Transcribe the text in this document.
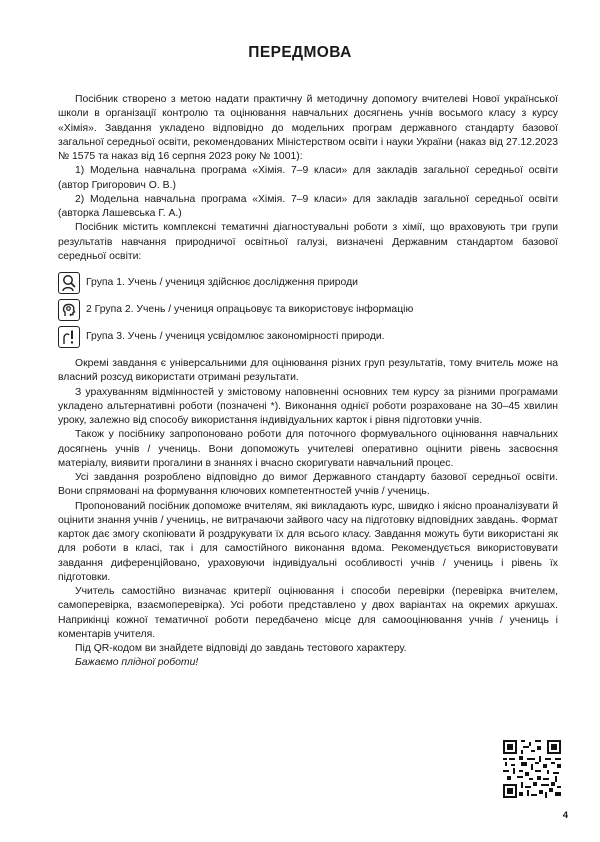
ПЕРЕДМОВА

Посібник створено з метою надати практичну й методичну допомогу вчителеві Нової української школи в організації контролю та оцінювання навчальних досягнень учнів восьмого класу з курсу «Хімія». Завдання укладено відповідно до модельних програм державного стандарту базової загальної середньої освіти, рекомендованих Міністерством освіти і науки України (наказ від 27.12.2023 № 1575 та наказ від 16 серпня 2023 року № 1001):

1) Модельна навчальна програма «Хімія. 7–9 класи» для закладів загальної середньої освіти (автор Григорович О. В.)

2) Модельна навчальна програма «Хімія. 7–9 класи» для закладів загальної середньої освіти (авторка Лашевська Г. А.)

Посібник містить комплексні тематичні діагностувальні роботи з хімії, що враховують три групи результатів навчання природничої освітньої галузі, визначені Державним стандартом базової середньої освіти:

Група 1. Учень / учениця здійснює дослідження природи
2 Група 2. Учень / учениця опрацьовує та використовує інформацію
Група 3. Учень / учениця усвідомлює закономірності природи.

Окремі завдання є універсальними для оцінювання різних груп результатів, тому вчитель може на власний розсуд використати отримані результати.

З урахуванням відмінностей у змістовому наповненні основних тем курсу за різними програмами укладено альтернативні роботи (позначені *). Виконання однієї роботи розраховане на 30–45 хвилин уроку, залежно від способу використання індивідуальних карток і рівня підготовки учнів.

Також у посібнику запропоновано роботи для поточного формувального оцінювання навчальних досягнень учнів / учениць. Вони допоможуть учителеві оперативно оцінити рівень засвоєння матеріалу, виявити прогалини в знаннях і вчасно скоригувати навчальний процес.

Усі завдання розроблено відповідно до вимог Державного стандарту базової середньої освіти. Вони спрямовані на формування ключових компетентностей учнів / учениць.

Пропонований посібник допоможе вчителям, які викладають курс, швидко і якісно проаналізувати й оцінити знання учнів / учениць, не витрачаючи зайвого часу на підготовку відповідних завдань. Формат карток дає змогу скопіювати й роздрукувати їх для всього класу. Завдання можуть бути використані як для роботи в класі, так і для самостійного виконання вдома. Рекомендується використовувати завдання диференційовано, ураховуючи індивідуальні особливості учнів / учениць і рівень їх підготовки.

Учитель самостійно визначає критерії оцінювання і способи перевірки (перевірка вчителем, самоперевірка, взаємоперевірка). Усі роботи представлено у двох варіантах на окремих аркушах. Наприкінці кожної тематичної роботи передбачено місце для самооцінювання учнів / учениць і коментарів учителя.

Під QR-кодом ви знайдете відповіді до завдань тестового характеру.

Бажаємо плідної роботи!

4
